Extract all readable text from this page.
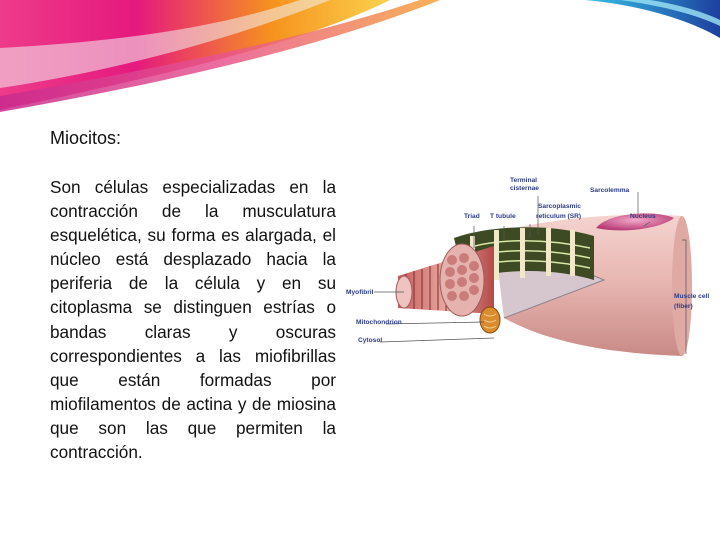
Miocitos:
Son células especializadas en la contracción de la musculatura esquelética, su forma es alargada, el núcleo está desplazado hacia la periferia de la célula y en su citoplasma se distinguen estrías o bandas claras y oscuras correspondientes a las miofibrillas que están formadas por miofilamentos de actina y de miosina que son las que permiten la contracción.
Terminal
cisternae	Sarcolemma
Sarcoplasmic
reticulum (SR)
Triad T tubule	Nucleus
Myofibril
Muscle cell
(fiber)
Mitochondrion
Cytosol
